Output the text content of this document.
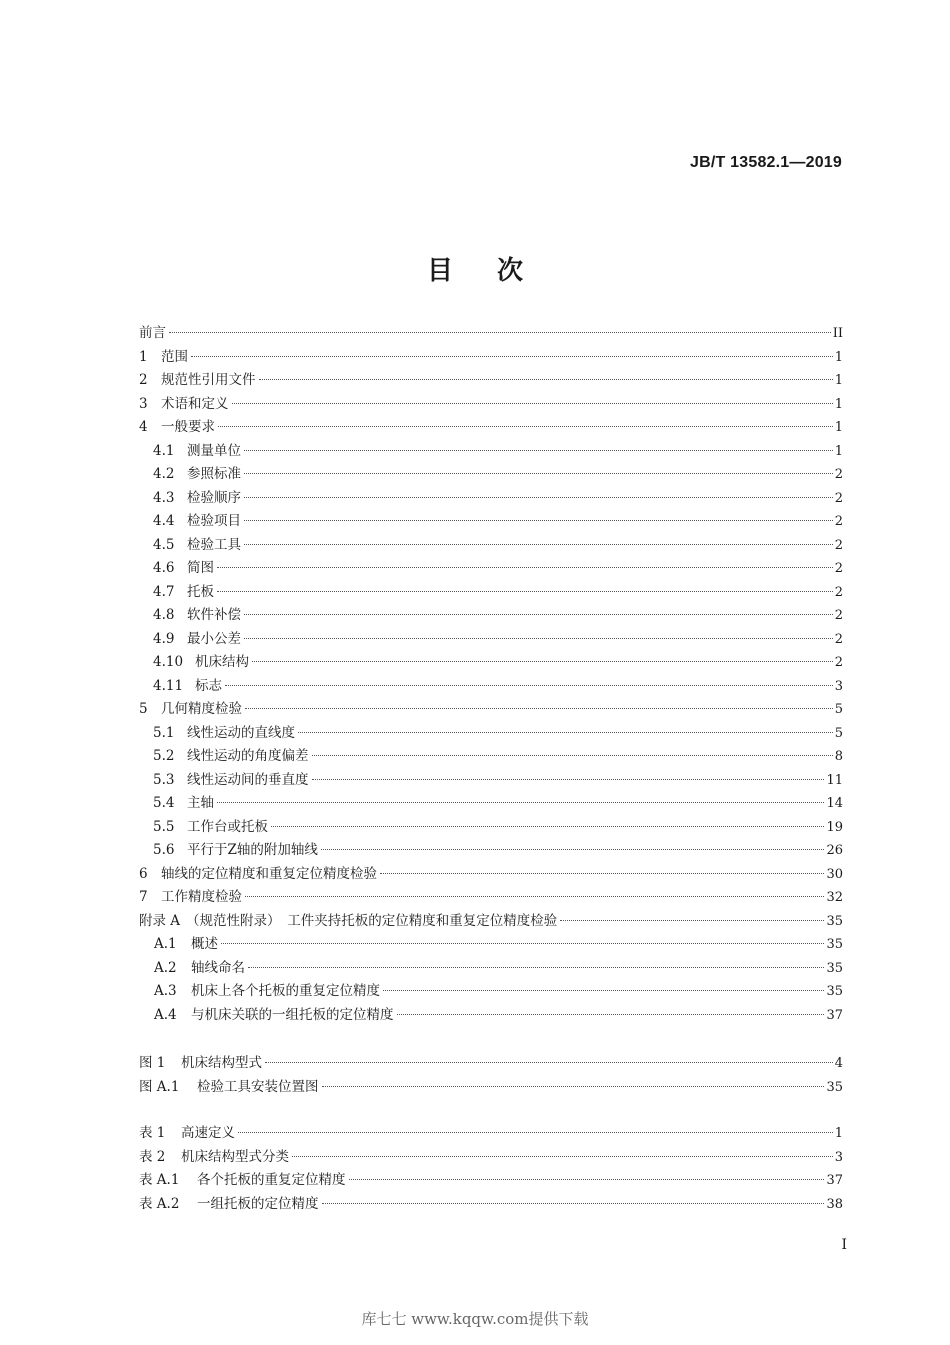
JB/T 13582.1—2019
目次
前言	II
1 范围	1
2 规范性引用文件	1
3 术语和定义	1
4 一般要求	1
4.1 测量单位	1
4.2 参照标准	2
4.3 检验顺序	2
4.4 检验项目	2
4.5 检验工具	2
4.6 简图	2
4.7 托板	2
4.8 软件补偿	2
4.9 最小公差	2
4.10 机床结构	2
4.11 标志	3
5 几何精度检验	5
5.1 线性运动的直线度	5
5.2 线性运动的角度偏差	8
5.3 线性运动间的垂直度	11
5.4 主轴	14
5.5 工作台或托板	19
5.6 平行于Z轴的附加轴线	26
6 轴线的定位精度和重复定位精度检验	30
7 工作精度检验	32
附录 A （规范性附录）　工件夹持托板的定位精度和重复定位精度检验	35
A.1	概述	35
A.2	轴线命名	35
A.3	机床上各个托板的重复定位精度	35
A.4	与机床关联的一组托板的定位精度	37
图 1	机床结构型式	4
图 A.1	检验工具安装位置图	35
表 1	高速定义	1
表 2	机床结构型式分类	3
表 A.1	各个托板的重复定位精度	37
表 A.2	一组托板的定位精度	38
I
库七七 www.kqqw.com提供下载
